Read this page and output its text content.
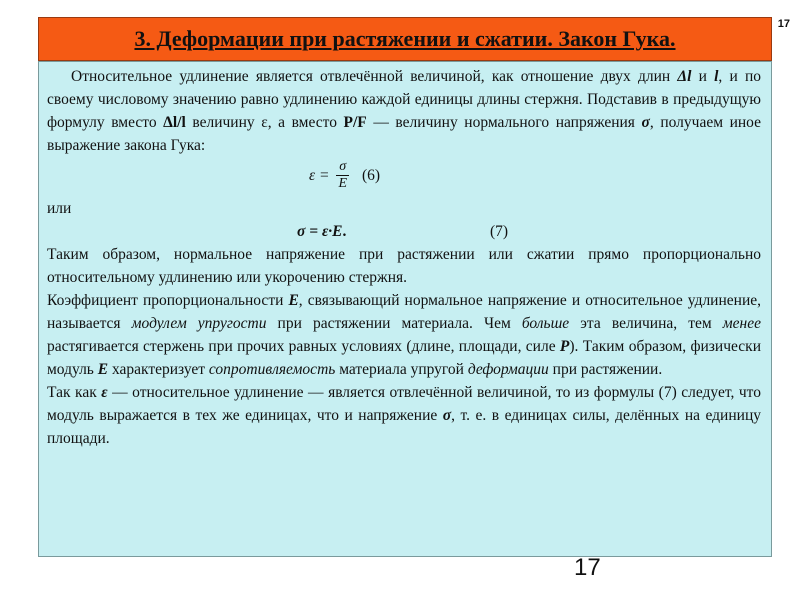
17
3. Деформации при растяжении и сжатии. Закон Гука.

Относительное удлинение является отвлечённой величиной, как отношение двух длин Δl и l, и по своему числовому значению равно удлинению каждой единицы длины стержня. Подставив в предыдущую формулу вместо Δl/l величину ε, а вместо P/F — величину нормального напряжения σ, получаем иное выражение закона Гука:

$\varepsilon = \frac{\sigma}{E} (6)$
или
σ = ε·E.	(7)

Таким образом, нормальное напряжение при растяжении или сжатии прямо пропорционально относительному удлинению или укорочению стержня.

Коэффициент пропорциональности E, связывающий нормальное напряжение и относительное удлинение, называется модулем упругости при растяжении материала. Чем больше эта величина, тем менее растягивается стержень при прочих равных условиях (длине, площади, силе P). Таким образом, физически модуль E характеризует сопротивляемость материала упругой деформации при растяжении.

Так как ε — относительное удлинение — является отвлечённой величиной, то из формулы (7) следует, что модуль выражается в тех же единицах, что и напряжение σ, т. е. в единицах силы, делённых на единицу площади.

17
